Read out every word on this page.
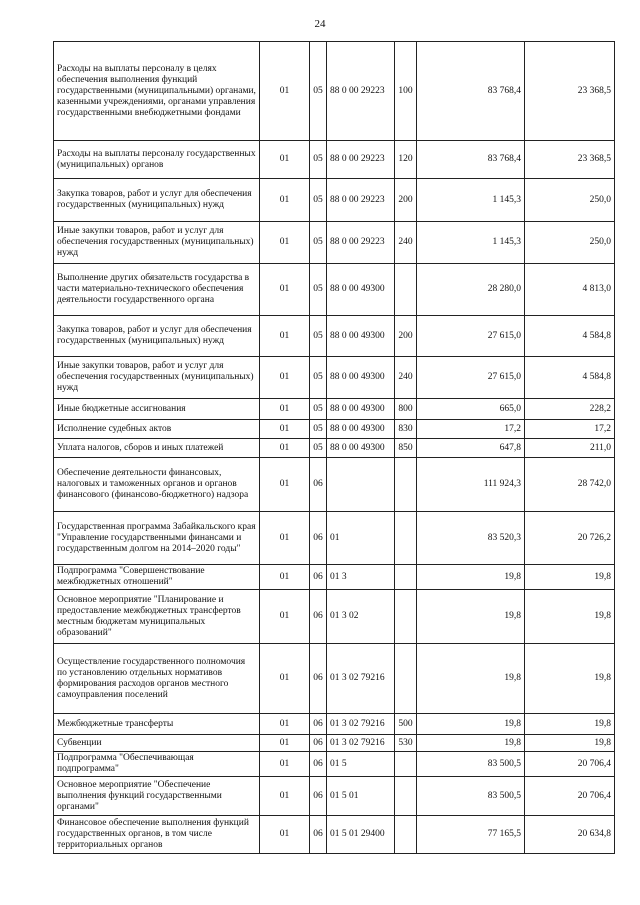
24
Расходы на выплаты персоналу в целях обеспечения выполнения функций государственными (муниципальными) органами, казенными учреждениями, органами управления государственными внебюджетными фондами	01	05	88 0 00 29223	100	83 768,4	23 368,5
Расходы на выплаты персоналу государственных (муниципальных) органов	01	05	88 0 00 29223	120	83 768,4	23 368,5
Закупка товаров, работ и услуг для обеспечения государственных (муниципальных) нужд	01	05	88 0 00 29223	200	1 145,3	250,0
Иные закупки товаров, работ и услуг для обеспечения государственных (муниципальных) нужд	01	05	88 0 00 29223	240	1 145,3	250,0
Выполнение других обязательств государства в части материально-технического обеспечения деятельности государственного органа	01	05	88 0 00 49300		28 280,0	4 813,0
Закупка товаров, работ и услуг для обеспечения государственных (муниципальных) нужд	01	05	88 0 00 49300	200	27 615,0	4 584,8
Иные закупки товаров, работ и услуг для обеспечения государственных (муниципальных) нужд	01	05	88 0 00 49300	240	27 615,0	4 584,8
Иные бюджетные ассигнования	01	05	88 0 00 49300	800	665,0	228,2
Исполнение судебных актов	01	05	88 0 00 49300	830	17,2	17,2
Уплата налогов, сборов и иных платежей	01	05	88 0 00 49300	850	647,8	211,0
Обеспечение деятельности финансовых, налоговых и таможенных органов и органов финансового (финансово-бюджетного) надзора	01	06			111 924,3	28 742,0
Государственная программа Забайкальского края "Управление государственными финансами и государственным долгом на 2014–2020 годы"	01	06	01		83 520,3	20 726,2
Подпрограмма "Совершенствование межбюджетных отношений"	01	06	01 3		19,8	19,8
Основное мероприятие "Планирование и предоставление межбюджетных трансфертов местным бюджетам муниципальных образований"	01	06	01 3 02		19,8	19,8
Осуществление государственного полномочия по установлению отдельных нормативов формирования расходов органов местного самоуправления поселений	01	06	01 3 02 79216		19,8	19,8
Межбюджетные трансферты	01	06	01 3 02 79216	500	19,8	19,8
Субвенции	01	06	01 3 02 79216	530	19,8	19,8
Подпрограмма "Обеспечивающая подпрограмма"	01	06	01 5		83 500,5	20 706,4
Основное мероприятие "Обеспечение выполнения функций государственными органами"	01	06	01 5 01		83 500,5	20 706,4
Финансовое обеспечение выполнения функций государственных органов, в том числе территориальных органов	01	06	01 5 01 29400		77 165,5	20 634,8
